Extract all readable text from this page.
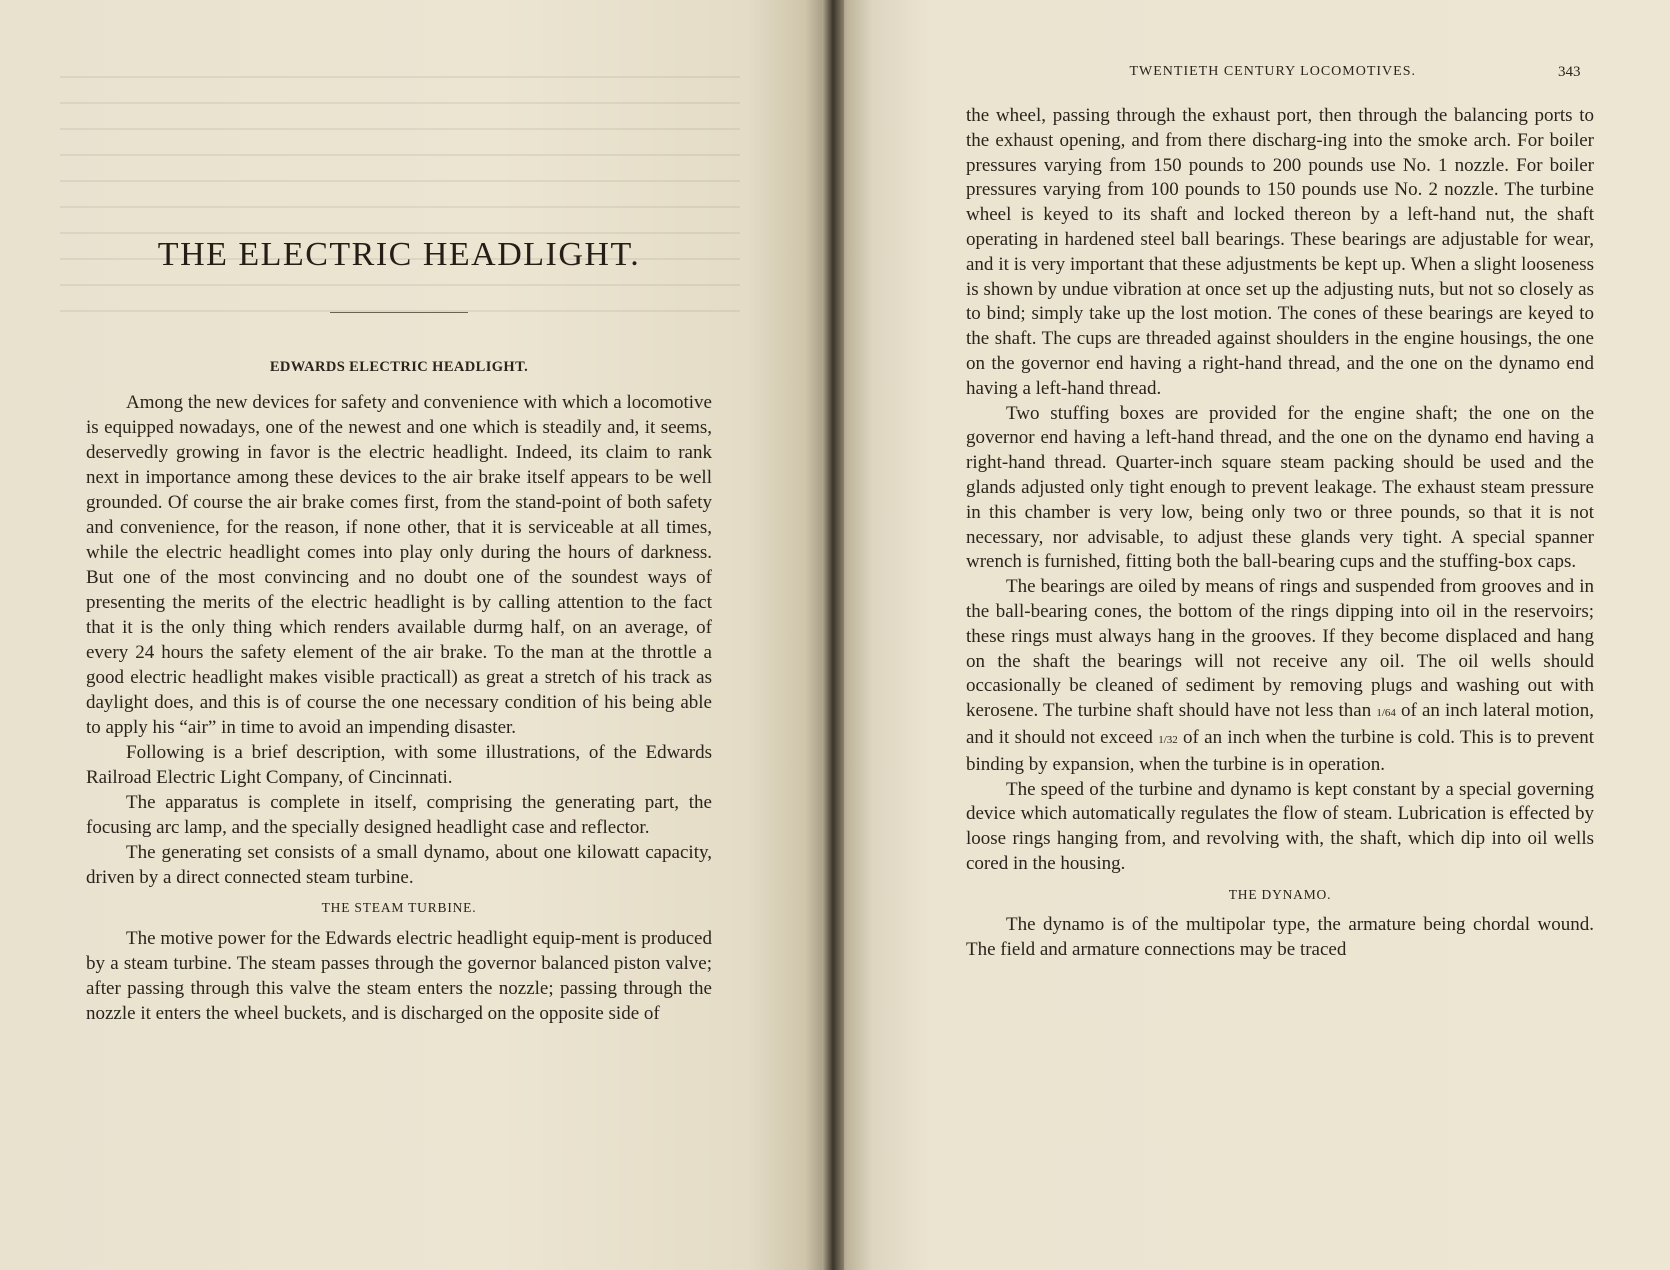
THE ELECTRIC HEADLIGHT.
EDWARDS ELECTRIC HEADLIGHT.

Among the new devices for safety and convenience with which a locomotive is equipped nowadays, one of the newest and one which is steadily and, it seems, deservedly growing in favor is the electric headlight. Indeed, its claim to rank next in importance among these devices to the air brake itself appears to be well grounded. Of course the air brake comes first, from the stand-point of both safety and convenience, for the reason, if none other, that it is serviceable at all times, while the electric headlight comes into play only during the hours of darkness. But one of the most convincing and no doubt one of the soundest ways of presenting the merits of the electric headlight is by calling attention to the fact that it is the only thing which renders available durmg half, on an average, of every 24 hours the safety element of the air brake. To the man at the throttle a good electric headlight makes visible practicall) as great a stretch of his track as daylight does, and this is of course the one necessary condition of his being able to apply his “air” in time to avoid an impending disaster.

Following is a brief description, with some illustrations, of the Edwards Railroad Electric Light Company, of Cincinnati.

The apparatus is complete in itself, comprising the generating part, the focusing arc lamp, and the specially designed headlight case and reflector.

The generating set consists of a small dynamo, about one kilowatt capacity, driven by a direct connected steam turbine.

THE STEAM TURBINE.

The motive power for the Edwards electric headlight equip-ment is produced by a steam turbine. The steam passes through the governor balanced piston valve; after passing through this valve the steam enters the nozzle; passing through the nozzle it enters the wheel buckets, and is discharged on the opposite side of

TWENTIETH CENTURY LOCOMOTIVES.	343

the wheel, passing through the exhaust port, then through the balancing ports to the exhaust opening, and from there discharg-ing into the smoke arch. For boiler pressures varying from 150 pounds to 200 pounds use No. 1 nozzle. For boiler pressures varying from 100 pounds to 150 pounds use No. 2 nozzle. The turbine wheel is keyed to its shaft and locked thereon by a left-hand nut, the shaft operating in hardened steel ball bearings. These bearings are adjustable for wear, and it is very important that these adjustments be kept up. When a slight looseness is shown by undue vibration at once set up the adjusting nuts, but not so closely as to bind; simply take up the lost motion. The cones of these bearings are keyed to the shaft. The cups are threaded against shoulders in the engine housings, the one on the governor end having a right-hand thread, and the one on the dynamo end having a left-hand thread.

Two stuffing boxes are provided for the engine shaft; the one on the governor end having a left-hand thread, and the one on the dynamo end having a right-hand thread. Quarter-inch square steam packing should be used and the glands adjusted only tight enough to prevent leakage. The exhaust steam pressure in this chamber is very low, being only two or three pounds, so that it is not necessary, nor advisable, to adjust these glands very tight. A special spanner wrench is furnished, fitting both the ball-bearing cups and the stuffing-box caps.

The bearings are oiled by means of rings and suspended from grooves and in the ball-bearing cones, the bottom of the rings dipping into oil in the reservoirs; these rings must always hang in the grooves. If they become displaced and hang on the shaft the bearings will not receive any oil. The oil wells should occasionally be cleaned of sediment by removing plugs and washing out with kerosene. The turbine shaft should have not less than 1/64 of an inch lateral motion, and it should not exceed 1/32 of an inch when the turbine is cold. This is to prevent binding by expansion, when the turbine is in operation.

The speed of the turbine and dynamo is kept constant by a special governing device which automatically regulates the flow of steam. Lubrication is effected by loose rings hanging from, and revolving with, the shaft, which dip into oil wells cored in the housing.

THE DYNAMO.

The dynamo is of the multipolar type, the armature being chordal wound. The field and armature connections may be traced
